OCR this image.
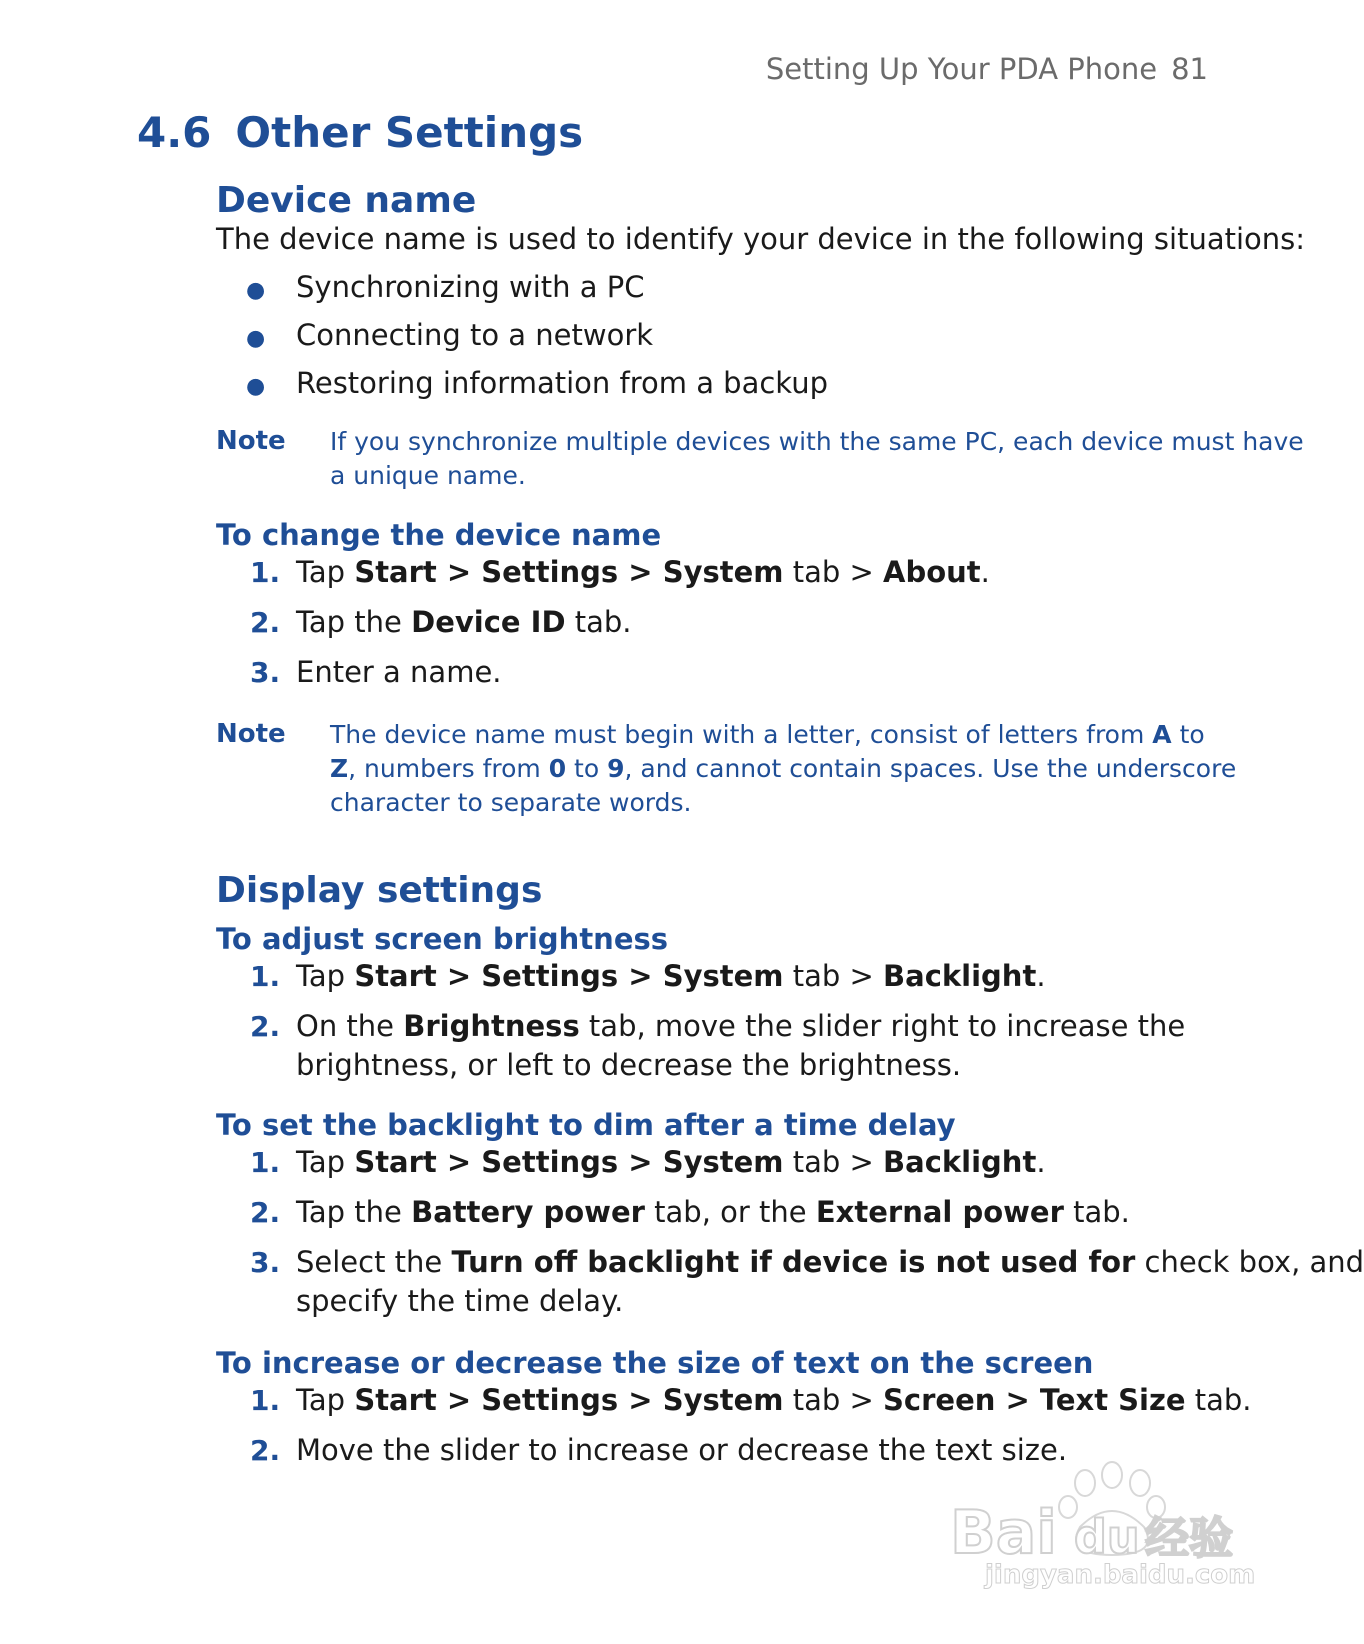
Setting Up Your PDA Phone 81
4.6 Other Settings
Device name
The device name is used to identify your device in the following situations:
● Synchronizing with a PC
● Connecting to a network
● Restoring information from a backup
Note If you synchronize multiple devices with the same PC, each device must have
a unique name.
To change the device name
1. Tap Start > Settings > System tab > About.
2. Tap the Device ID tab.
3. Enter a name.
Note The device name must begin with a letter, consist of letters from A to
Z, numbers from 0 to 9, and cannot contain spaces. Use the underscore
character to separate words.
Display settings
To adjust screen brightness
1. Tap Start > Settings > System tab > Backlight.
2. On the Brightness tab, move the slider right to increase the
brightness, or left to decrease the brightness.
To set the backlight to dim after a time delay
1. Tap Start > Settings > System tab > Backlight.
2. Tap the Battery power tab, or the External power tab.
3. Select the Turn off backlight if device is not used for check box, and
specify the time delay.
To increase or decrease the size of text on the screen
1. Tap Start > Settings > System tab > Screen > Text Size tab.
2. Move the slider to increase or decrease the text size.
Bai du 经验
jingyan.baidu.com
